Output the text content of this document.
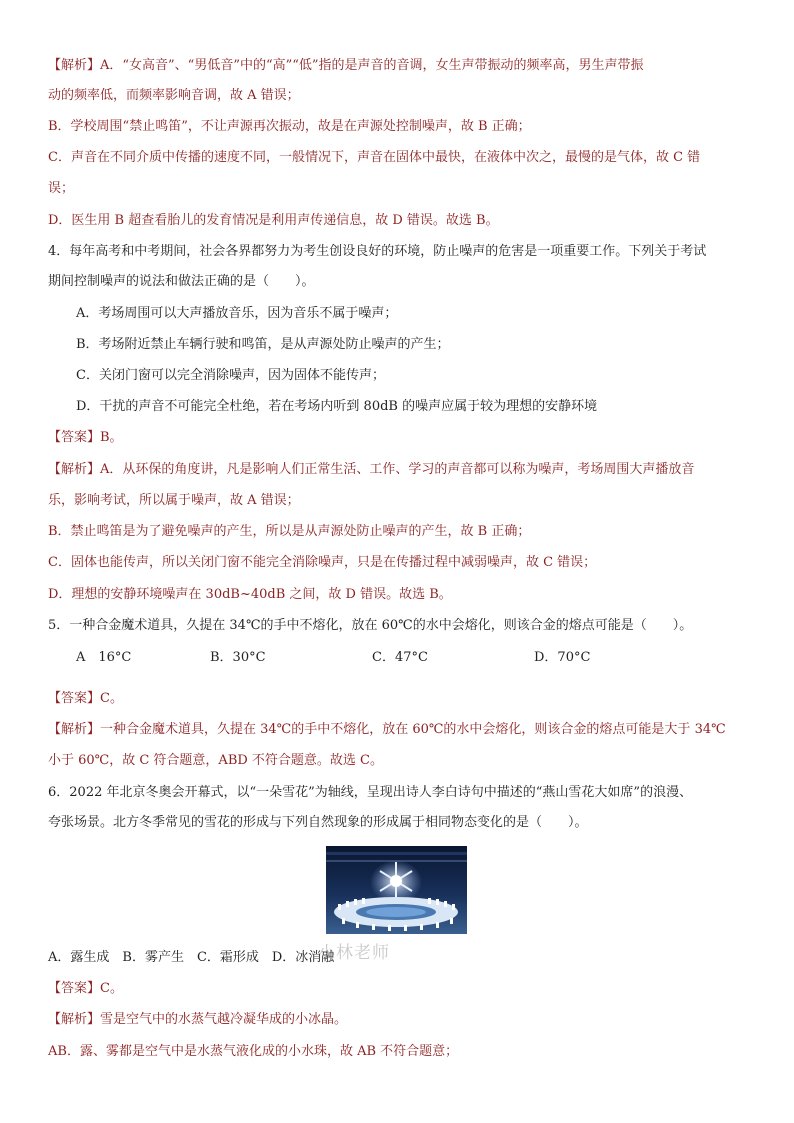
【解析】A．“女高音”、“男低音”中的“高”“低”指的是声音的音调，女生声带振动的频率高，男生声带振
动的频率低，而频率影响音调，故 A 错误；
B．学校周围“禁止鸣笛”，不让声源再次振动，故是在声源处控制噪声，故 B 正确；
C．声音在不同介质中传播的速度不同，一般情况下，声音在固体中最快，在液体中次之，最慢的是气体，故 C 错
误；
D．医生用 B 超查看胎儿的发育情况是利用声传递信息，故 D 错误。故选 B。
4．每年高考和中考期间，社会各界都努力为考生创设良好的环境，防止噪声的危害是一项重要工作。下列关于考试
期间控制噪声的说法和做法正确的是（　　）。
A．考场周围可以大声播放音乐，因为音乐不属于噪声；
B．考场附近禁止车辆行驶和鸣笛，是从声源处防止噪声的产生；
C．关闭门窗可以完全消除噪声，因为固体不能传声；
D．干扰的声音不可能完全杜绝，若在考场内听到 80dB 的噪声应属于较为理想的安静环境
【答案】B。
【解析】A．从环保的角度讲，凡是影响人们正常生活、工作、学习的声音都可以称为噪声，考场周围大声播放音
乐，影响考试，所以属于噪声，故 A 错误；
B．禁止鸣笛是为了避免噪声的产生，所以是从声源处防止噪声的产生，故 B 正确；
C．固体也能传声，所以关闭门窗不能完全消除噪声，只是在传播过程中减弱噪声，故 C 错误；
D．理想的安静环境噪声在 30dB~40dB 之间，故 D 错误。故选 B。
5．一种合金魔术道具，久提在 34℃的手中不熔化，放在 60℃的水中会熔化，则该合金的熔点可能是（　　）。
A　16°C	B．30°C	C．47°C	D．70°C
【答案】C。
【解析】一种合金魔术道具，久提在 34℃的手中不熔化，放在 60℃的水中会熔化，则该合金的熔点可能是大于 34℃
小于 60℃，故 C 符合题意，ABD 不符合题意。故选 C。
6．2022 年北京冬奥会开幕式，以“一朵雪花”为轴线，呈现出诗人李白诗句中描述的“燕山雪花大如席”的浪漫、
夸张场景。北方冬季常见的雪花的形成与下列自然现象的形成属于相同物态变化的是（　　）。
小林老师
A．露生成　B．雾产生　C．霜形成　D．冰消融
【答案】C。
【解析】雪是空气中的水蒸气越冷凝华成的小冰晶。
AB．露、雾都是空气中是水蒸气液化成的小水珠，故 AB 不符合题意；
